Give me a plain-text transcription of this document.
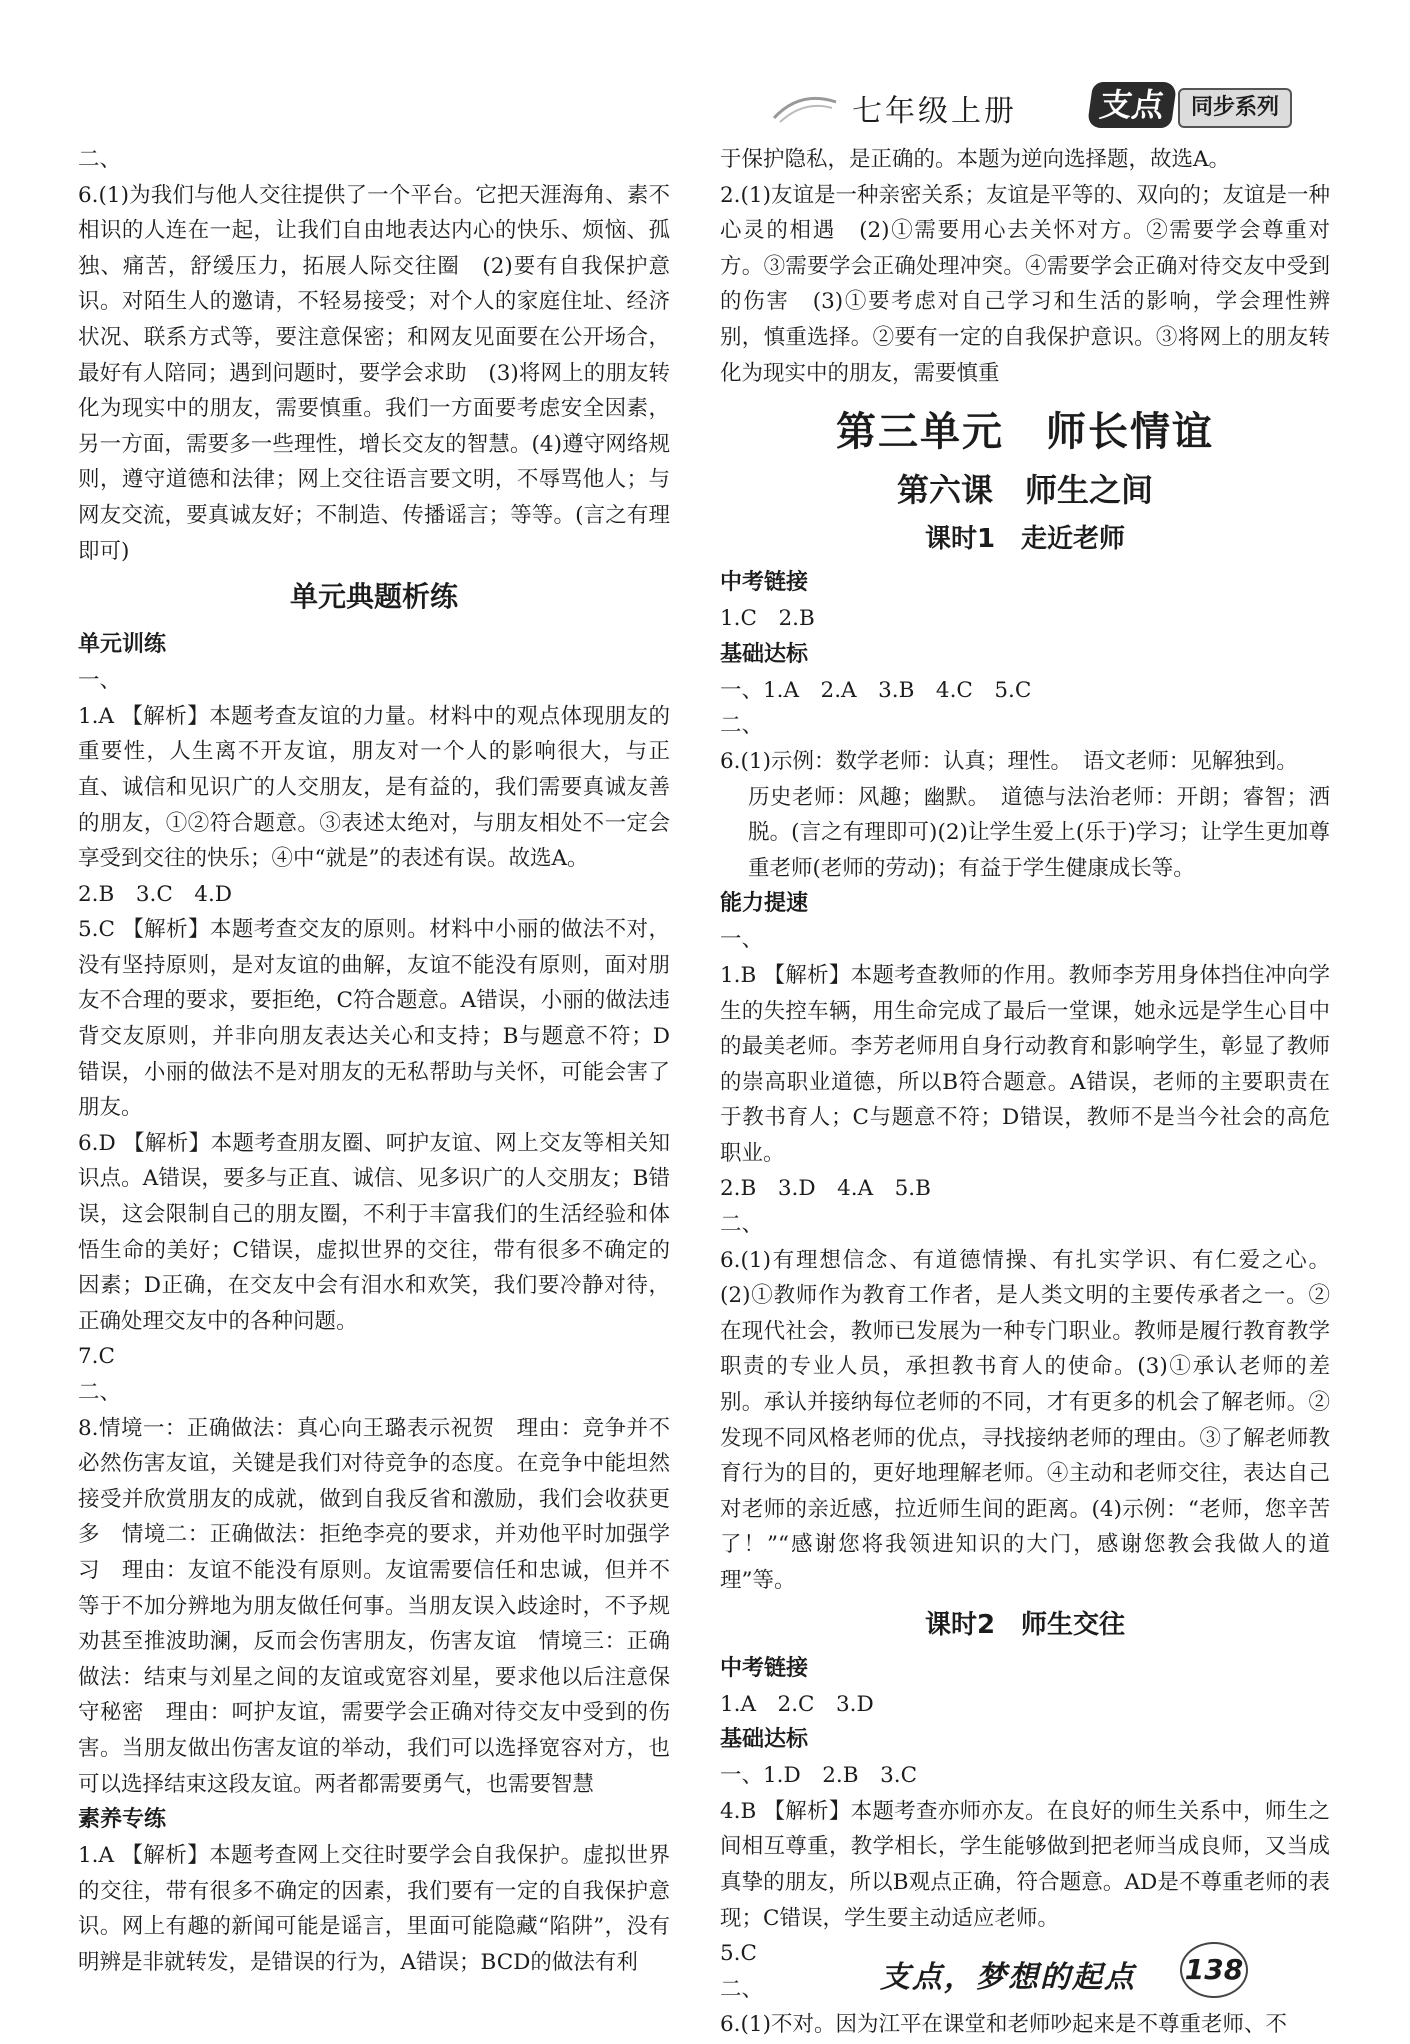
七年级上册	支点	同步系列

二、

6.(1)为我们与他人交往提供了一个平台。它把天涯海角、素不相识的人连在一起，让我们自由地表达内心的快乐、烦恼、孤独、痛苦，舒缓压力，拓展人际交往圈　(2)要有自我保护意识。对陌生人的邀请，不轻易接受；对个人的家庭住址、经济状况、联系方式等，要注意保密；和网友见面要在公开场合，最好有人陪同；遇到问题时，要学会求助　(3)将网上的朋友转化为现实中的朋友，需要慎重。我们一方面要考虑安全因素，另一方面，需要多一些理性，增长交友的智慧。(4)遵守网络规则，遵守道德和法律；网上交往语言要文明，不辱骂他人；与网友交流，要真诚友好；不制造、传播谣言；等等。(言之有理即可)

单元典题析练

单元训练

一、

1.A 【解析】本题考查友谊的力量。材料中的观点体现朋友的重要性，人生离不开友谊，朋友对一个人的影响很大，与正直、诚信和见识广的人交朋友，是有益的，我们需要真诚友善的朋友，①②符合题意。③表述太绝对，与朋友相处不一定会享受到交往的快乐；④中“就是”的表述有误。故选A。

2.B　3.C　4.D

5.C 【解析】本题考查交友的原则。材料中小丽的做法不对，没有坚持原则，是对友谊的曲解，友谊不能没有原则，面对朋友不合理的要求，要拒绝，C符合题意。A错误，小丽的做法违背交友原则，并非向朋友表达关心和支持；B与题意不符；D错误，小丽的做法不是对朋友的无私帮助与关怀，可能会害了朋友。

6.D 【解析】本题考查朋友圈、呵护友谊、网上交友等相关知识点。A错误，要多与正直、诚信、见多识广的人交朋友；B错误，这会限制自己的朋友圈，不利于丰富我们的生活经验和体悟生命的美好；C错误，虚拟世界的交往，带有很多不确定的因素；D正确，在交友中会有泪水和欢笑，我们要冷静对待，正确处理交友中的各种问题。

7.C

二、

8.情境一：正确做法：真心向王璐表示祝贺　理由：竞争并不必然伤害友谊，关键是我们对待竞争的态度。在竞争中能坦然接受并欣赏朋友的成就，做到自我反省和激励，我们会收获更多　情境二：正确做法：拒绝李亮的要求，并劝他平时加强学习　理由：友谊不能没有原则。友谊需要信任和忠诚，但并不等于不加分辨地为朋友做任何事。当朋友误入歧途时，不予规劝甚至推波助澜，反而会伤害朋友，伤害友谊　情境三：正确做法：结束与刘星之间的友谊或宽容刘星，要求他以后注意保守秘密　理由：呵护友谊，需要学会正确对待交友中受到的伤害。当朋友做出伤害友谊的举动，我们可以选择宽容对方，也可以选择结束这段友谊。两者都需要勇气，也需要智慧

素养专练

1.A 【解析】本题考查网上交往时要学会自我保护。虚拟世界的交往，带有很多不确定的因素，我们要有一定的自我保护意识。网上有趣的新闻可能是谣言，里面可能隐藏“陷阱”，没有明辨是非就转发，是错误的行为，A错误；BCD的做法有利

于保护隐私，是正确的。本题为逆向选择题，故选A。

2.(1)友谊是一种亲密关系；友谊是平等的、双向的；友谊是一种心灵的相遇　(2)①需要用心去关怀对方。②需要学会尊重对方。③需要学会正确处理冲突。④需要学会正确对待交友中受到的伤害　(3)①要考虑对自己学习和生活的影响，学会理性辨别，慎重选择。②要有一定的自我保护意识。③将网上的朋友转化为现实中的朋友，需要慎重

第三单元　师长情谊
第六课　师生之间
课时1　走近老师

中考链接

1.C　2.B

基础达标

一、1.A　2.A　3.B　4.C　5.C

二、

6.(1)示例：数学老师：认真；理性。　语文老师：见解独到。

历史老师：风趣；幽默。　道德与法治老师：开朗；睿智；洒脱。(言之有理即可)(2)让学生爱上(乐于)学习；让学生更加尊重老师(老师的劳动)；有益于学生健康成长等。

能力提速

一、

1.B 【解析】本题考查教师的作用。教师李芳用身体挡住冲向学生的失控车辆，用生命完成了最后一堂课，她永远是学生心目中的最美老师。李芳老师用自身行动教育和影响学生，彰显了教师的崇高职业道德，所以B符合题意。A错误，老师的主要职责在于教书育人；C与题意不符；D错误，教师不是当今社会的高危职业。

2.B　3.D　4.A　5.B

二、

6.(1)有理想信念、有道德情操、有扎实学识、有仁爱之心。(2)①教师作为教育工作者，是人类文明的主要传承者之一。②在现代社会，教师已发展为一种专门职业。教师是履行教育教学职责的专业人员，承担教书育人的使命。(3)①承认老师的差别。承认并接纳每位老师的不同，才有更多的机会了解老师。②发现不同风格老师的优点，寻找接纳老师的理由。③了解老师教育行为的目的，更好地理解老师。④主动和老师交往，表达自己对老师的亲近感，拉近师生间的距离。(4)示例：“老师，您辛苦了！”“感谢您将我领进知识的大门，感谢您教会我做人的道理”等。

课时2　师生交往

中考链接

1.A　2.C　3.D

基础达标

一、1.D　2.B　3.C

4.B 【解析】本题考查亦师亦友。在良好的师生关系中，师生之间相互尊重，教学相长，学生能够做到把老师当成良师，又当成真挚的朋友，所以B观点正确，符合题意。AD是不尊重老师的表现；C错误，学生要主动适应老师。

5.C

二、

6.(1)不对。因为江平在课堂和老师吵起来是不尊重老师、不

支点，梦想的起点 138
